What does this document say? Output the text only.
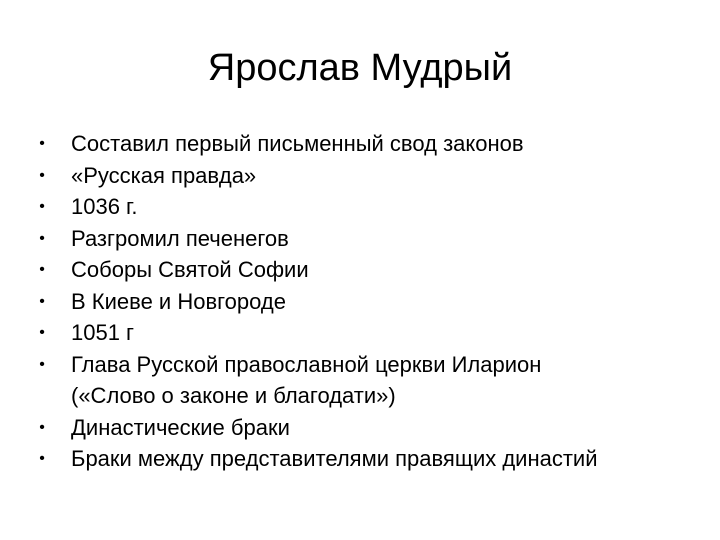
Ярослав Мудрый
• Составил первый письменный свод законов
• «Русская правда»
• 1036 г.
• Разгромил печенегов
• Соборы Святой Софии
• В Киеве и Новгороде
• 1051 г
• Глава Русской православной церкви Иларион
(«Слово о законе и благодати»)
• Династические браки
• Браки между представителями правящих династий
